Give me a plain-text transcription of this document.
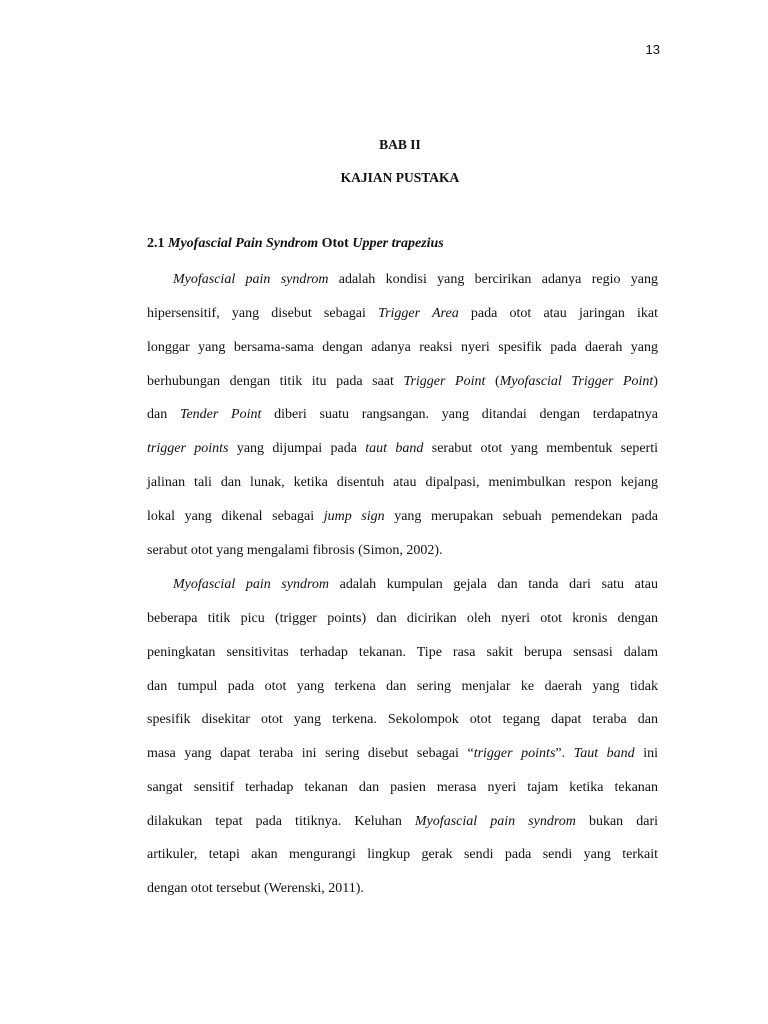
13
BAB II
KAJIAN PUSTAKA
2.1 Myofascial Pain Syndrom Otot Upper trapezius
Myofascial pain syndrom adalah kondisi yang bercirikan adanya regio yang
hipersensitif, yang disebut sebagai Trigger Area pada otot atau jaringan ikat
longgar yang bersama-sama dengan adanya reaksi nyeri spesifik pada daerah yang
berhubungan dengan titik itu pada saat Trigger Point (Myofascial Trigger Point)
dan Tender Point diberi suatu rangsangan. yang ditandai dengan terdapatnya
trigger points yang dijumpai pada taut band serabut otot yang membentuk seperti
jalinan tali dan lunak, ketika disentuh atau dipalpasi, menimbulkan respon kejang
lokal yang dikenal sebagai jump sign yang merupakan sebuah pemendekan pada
serabut otot yang mengalami fibrosis (Simon, 2002).
Myofascial pain syndrom adalah kumpulan gejala dan tanda dari satu atau
beberapa titik picu (trigger points) dan dicirikan oleh nyeri otot kronis dengan
peningkatan sensitivitas terhadap tekanan. Tipe rasa sakit berupa sensasi dalam
dan tumpul pada otot yang terkena dan sering menjalar ke daerah yang tidak
spesifik disekitar otot yang terkena. Sekolompok otot tegang dapat teraba dan
masa yang dapat teraba ini sering disebut sebagai “trigger points”. Taut band ini
sangat sensitif terhadap tekanan dan pasien merasa nyeri tajam ketika tekanan
dilakukan tepat pada titiknya. Keluhan Myofascial pain syndrom bukan dari
artikuler, tetapi akan mengurangi lingkup gerak sendi pada sendi yang terkait
dengan otot tersebut (Werenski, 2011).
